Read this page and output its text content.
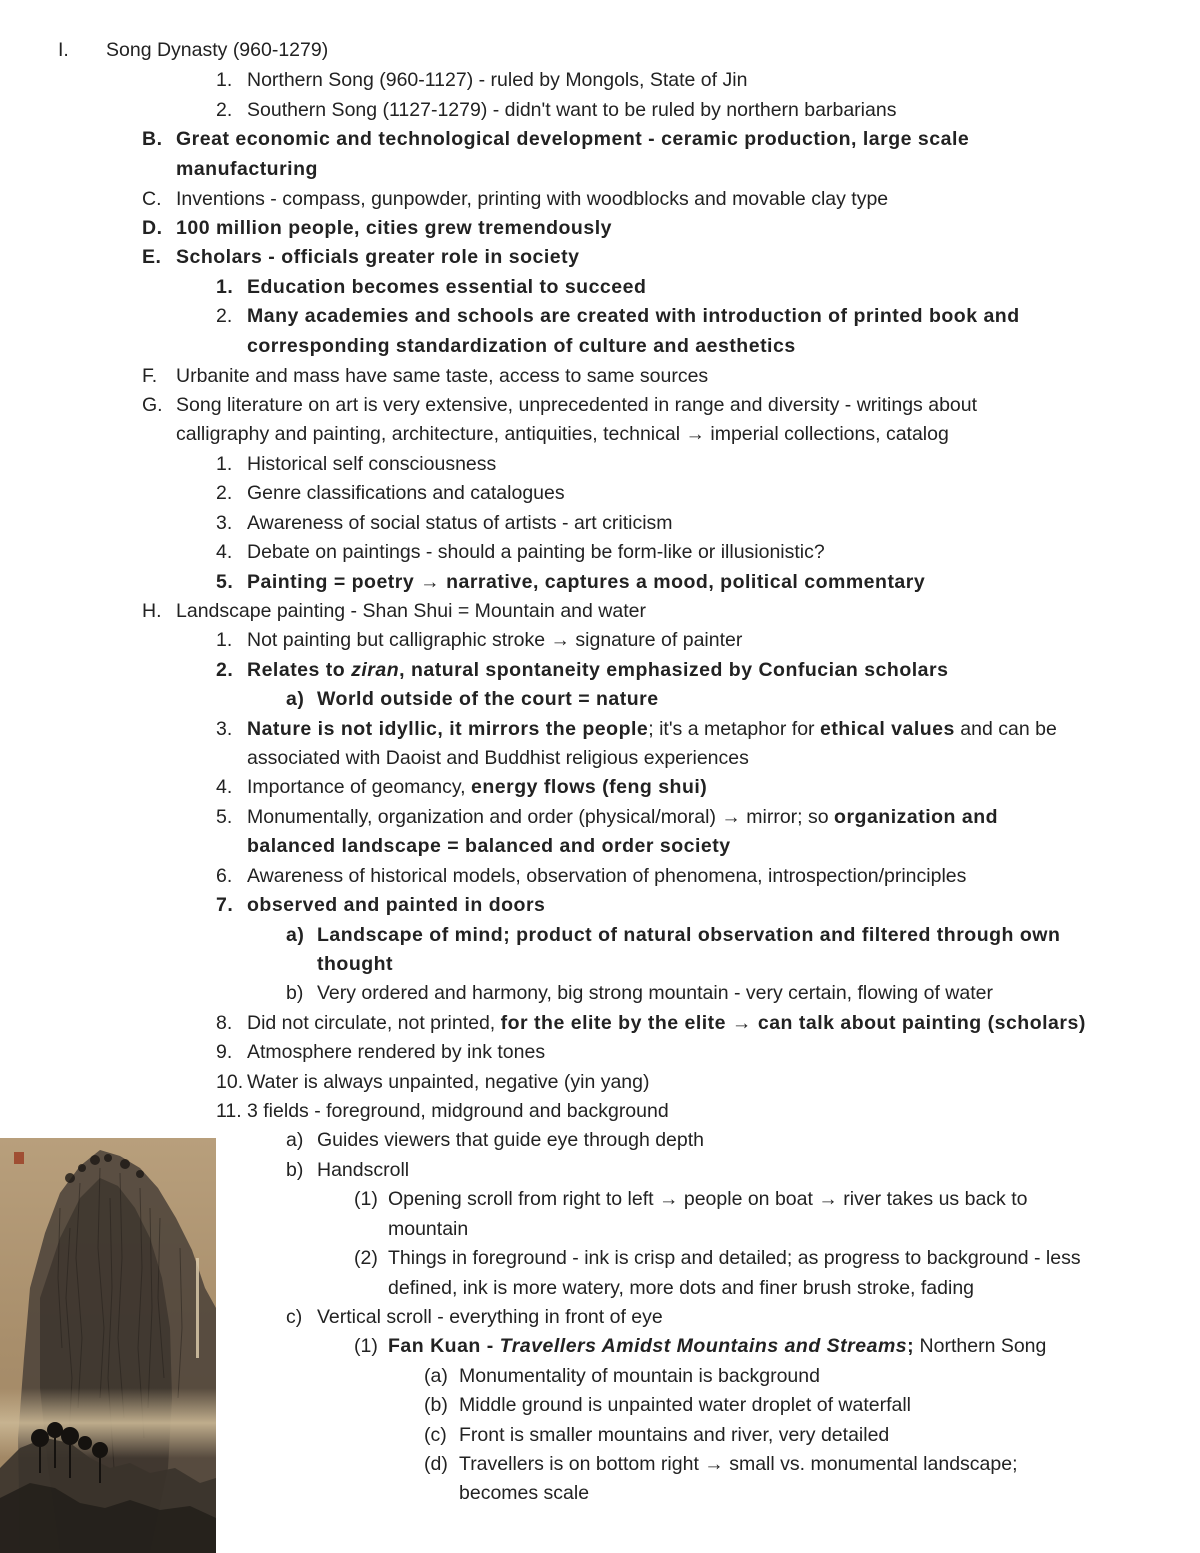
I. Song Dynasty (960-1279)
1. Northern Song (960-1127) - ruled by Mongols, State of Jin
2. Southern Song (1127-1279) - didn't want to be ruled by northern barbarians
B. Great economic and technological development - ceramic production, large scale
manufacturing
C. Inventions - compass, gunpowder, printing with woodblocks and movable clay type
D. 100 million people, cities grew tremendously
E. Scholars - officials greater role in society
1. Education becomes essential to succeed
2. Many academies and schools are created with introduction of printed book and
corresponding standardization of culture and aesthetics
F. Urbanite and mass have same taste, access to same sources
G. Song literature on art is very extensive, unprecedented in range and diversity - writings about
calligraphy and painting, architecture, antiquities, technical → imperial collections, catalog
1. Historical self consciousness
2. Genre classifications and catalogues
3. Awareness of social status of artists - art criticism
4. Debate on paintings - should a painting be form-like or illusionistic?
5. Painting = poetry → narrative, captures a mood, political commentary
H. Landscape painting - Shan Shui = Mountain and water
1. Not painting but calligraphic stroke → signature of painter
2. Relates to ziran, natural spontaneity emphasized by Confucian scholars
a) World outside of the court = nature
3. Nature is not idyllic, it mirrors the people; it's a metaphor for ethical values and can be
associated with Daoist and Buddhist religious experiences
4. Importance of geomancy, energy flows (feng shui)
5. Monumentally, organization and order (physical/moral) → mirror; so organization and
balanced landscape = balanced and order society
6. Awareness of historical models, observation of phenomena, introspection/principles
7. observed and painted in doors
a) Landscape of mind; product of natural observation and filtered through own
thought
b) Very ordered and harmony, big strong mountain - very certain, flowing of water
8. Did not circulate, not printed, for the elite by the elite → can talk about painting (scholars)
9. Atmosphere rendered by ink tones
10. Water is always unpainted, negative (yin yang)
11. 3 fields - foreground, midground and background
a) Guides viewers that guide eye through depth
b) Handscroll
(1) Opening scroll from right to left → people on boat → river takes us back to
mountain
(2) Things in foreground - ink is crisp and detailed; as progress to background - less
defined, ink is more watery, more dots and finer brush stroke, fading
c) Vertical scroll - everything in front of eye
(1) Fan Kuan - Travellers Amidst Mountains and Streams; Northern Song
(a) Monumentality of mountain is background
(b) Middle ground is unpainted water droplet of waterfall
(c) Front is smaller mountains and river, very detailed
(d) Travellers is on bottom right → small vs. monumental landscape;
becomes scale
